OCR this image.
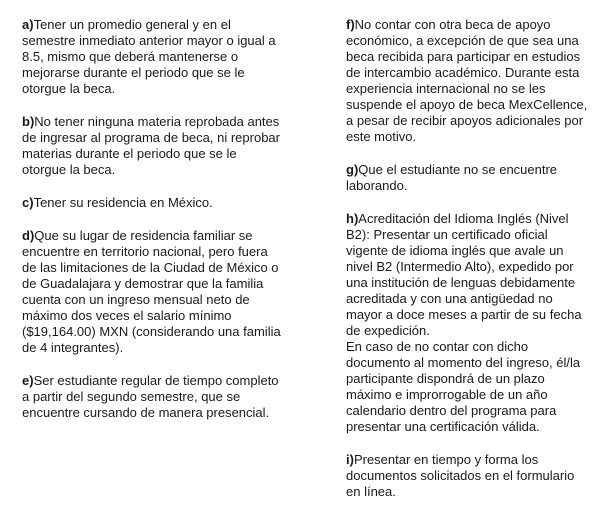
a)Tener un promedio general y en el semestre inmediato anterior mayor o igual a 8.5, mismo que deberá mantenerse o mejorarse durante el periodo que se le otorgue la beca.

b)No tener ninguna materia reprobada antes de ingresar al programa de beca, ni reprobar materias durante el periodo que se le otorgue la beca.

c)Tener su residencia en México.

d)Que su lugar de residencia familiar se encuentre en territorio nacional, pero fuera de las limitaciones de la Ciudad de México o de Guadalajara y demostrar que la familia cuenta con un ingreso mensual neto de máximo dos veces el salario mínimo ($19,164.00) MXN (considerando una familia de 4 integrantes).

e)Ser estudiante regular de tiempo completo a partir del segundo semestre, que se encuentre cursando de manera presencial.

f)No contar con otra beca de apoyo económico, a excepción de que sea una beca recibida para participar en estudios de intercambio académico. Durante esta experiencia internacional no se les suspende el apoyo de beca MexCellence, a pesar de recibir apoyos adicionales por este motivo.

g)Que el estudiante no se encuentre laborando.

h)Acreditación del Idioma Inglés (Nivel B2): Presentar un certificado oficial vigente de idioma inglés que avale un nivel B2 (Intermedio Alto), expedido por una institución de lenguas debidamente acreditada y con una antigüedad no mayor a doce meses a partir de su fecha de expedición.

En caso de no contar con dicho documento al momento del ingreso, él/la participante dispondrá de un plazo máximo e improrrogable de un año calendario dentro del programa para presentar una certificación válida.

i)Presentar en tiempo y forma los documentos solicitados en el formulario en línea.
